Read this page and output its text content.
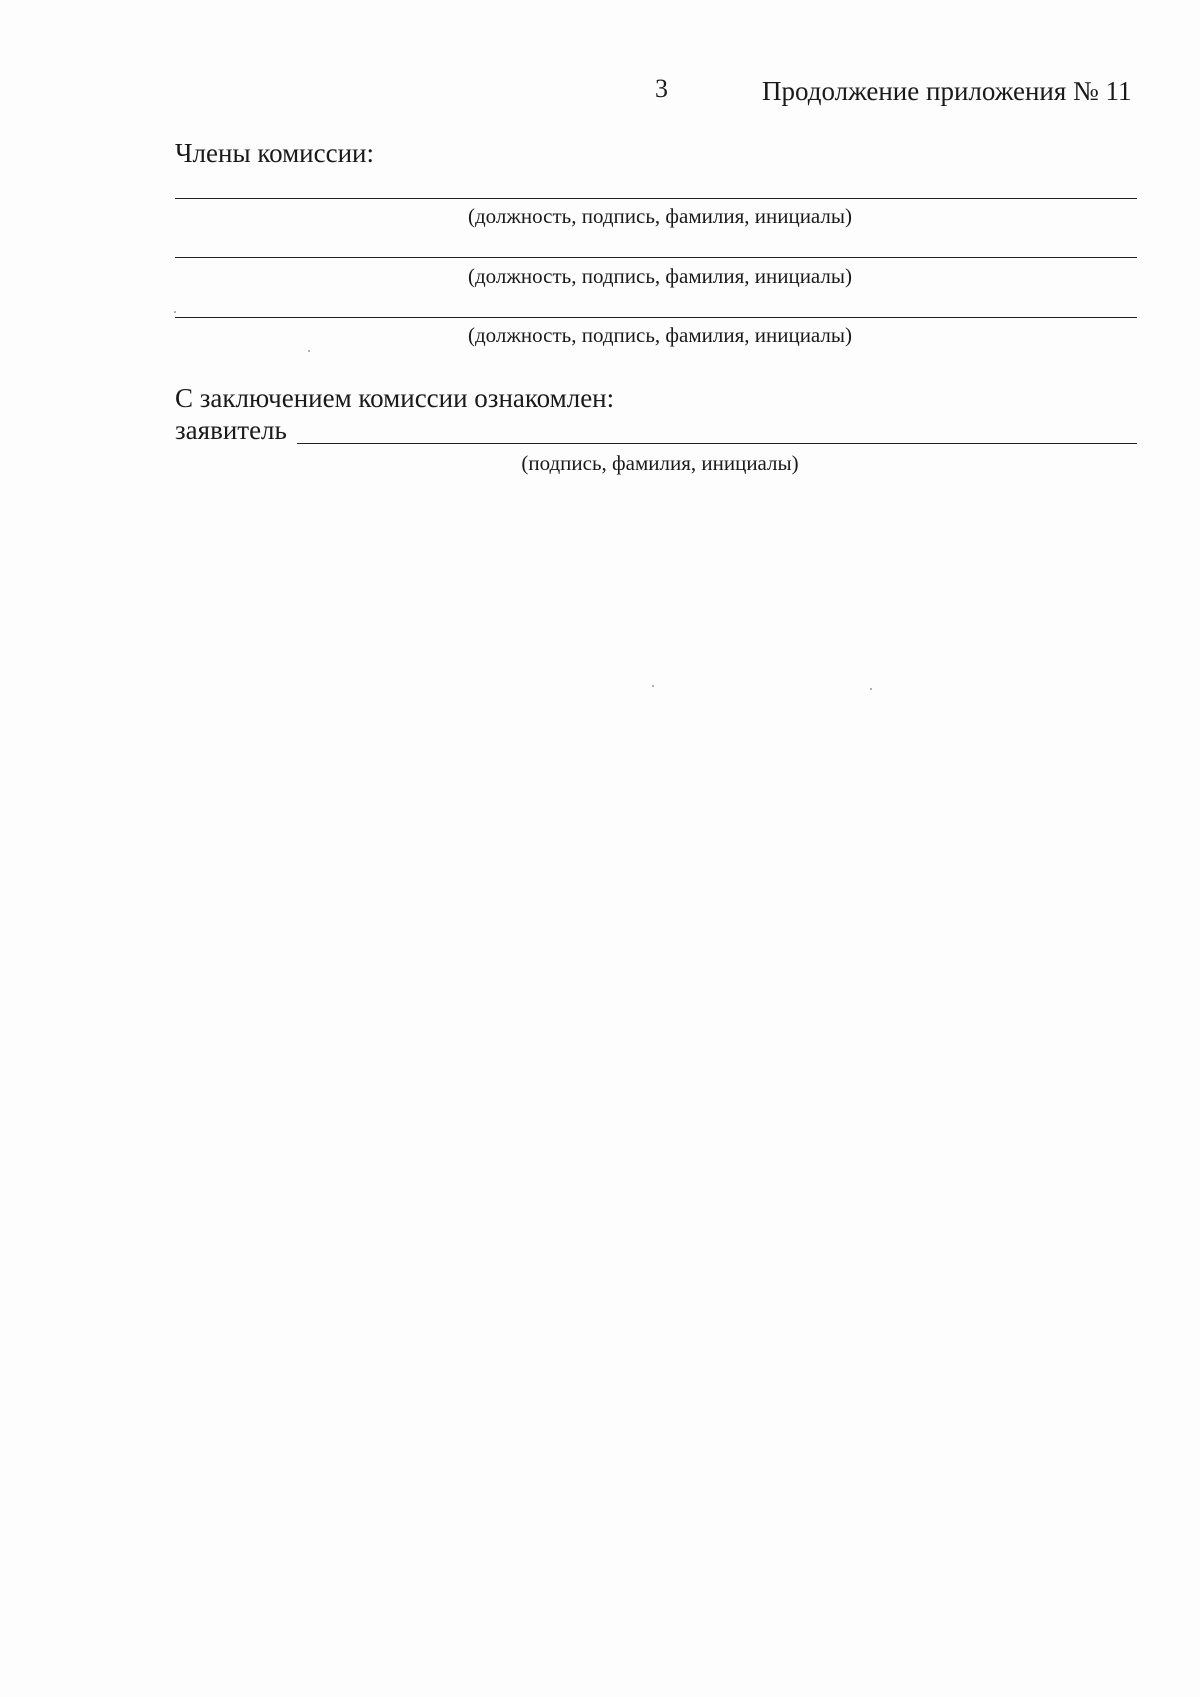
3	Продолжение приложения № 11
Члены комиссии:
(должность, подпись, фамилия, инициалы)
(должность, подпись, фамилия, инициалы)
(должность, подпись, фамилия, инициалы)
С заключением комиссии ознакомлен:
заявитель
(подпись, фамилия, инициалы)
